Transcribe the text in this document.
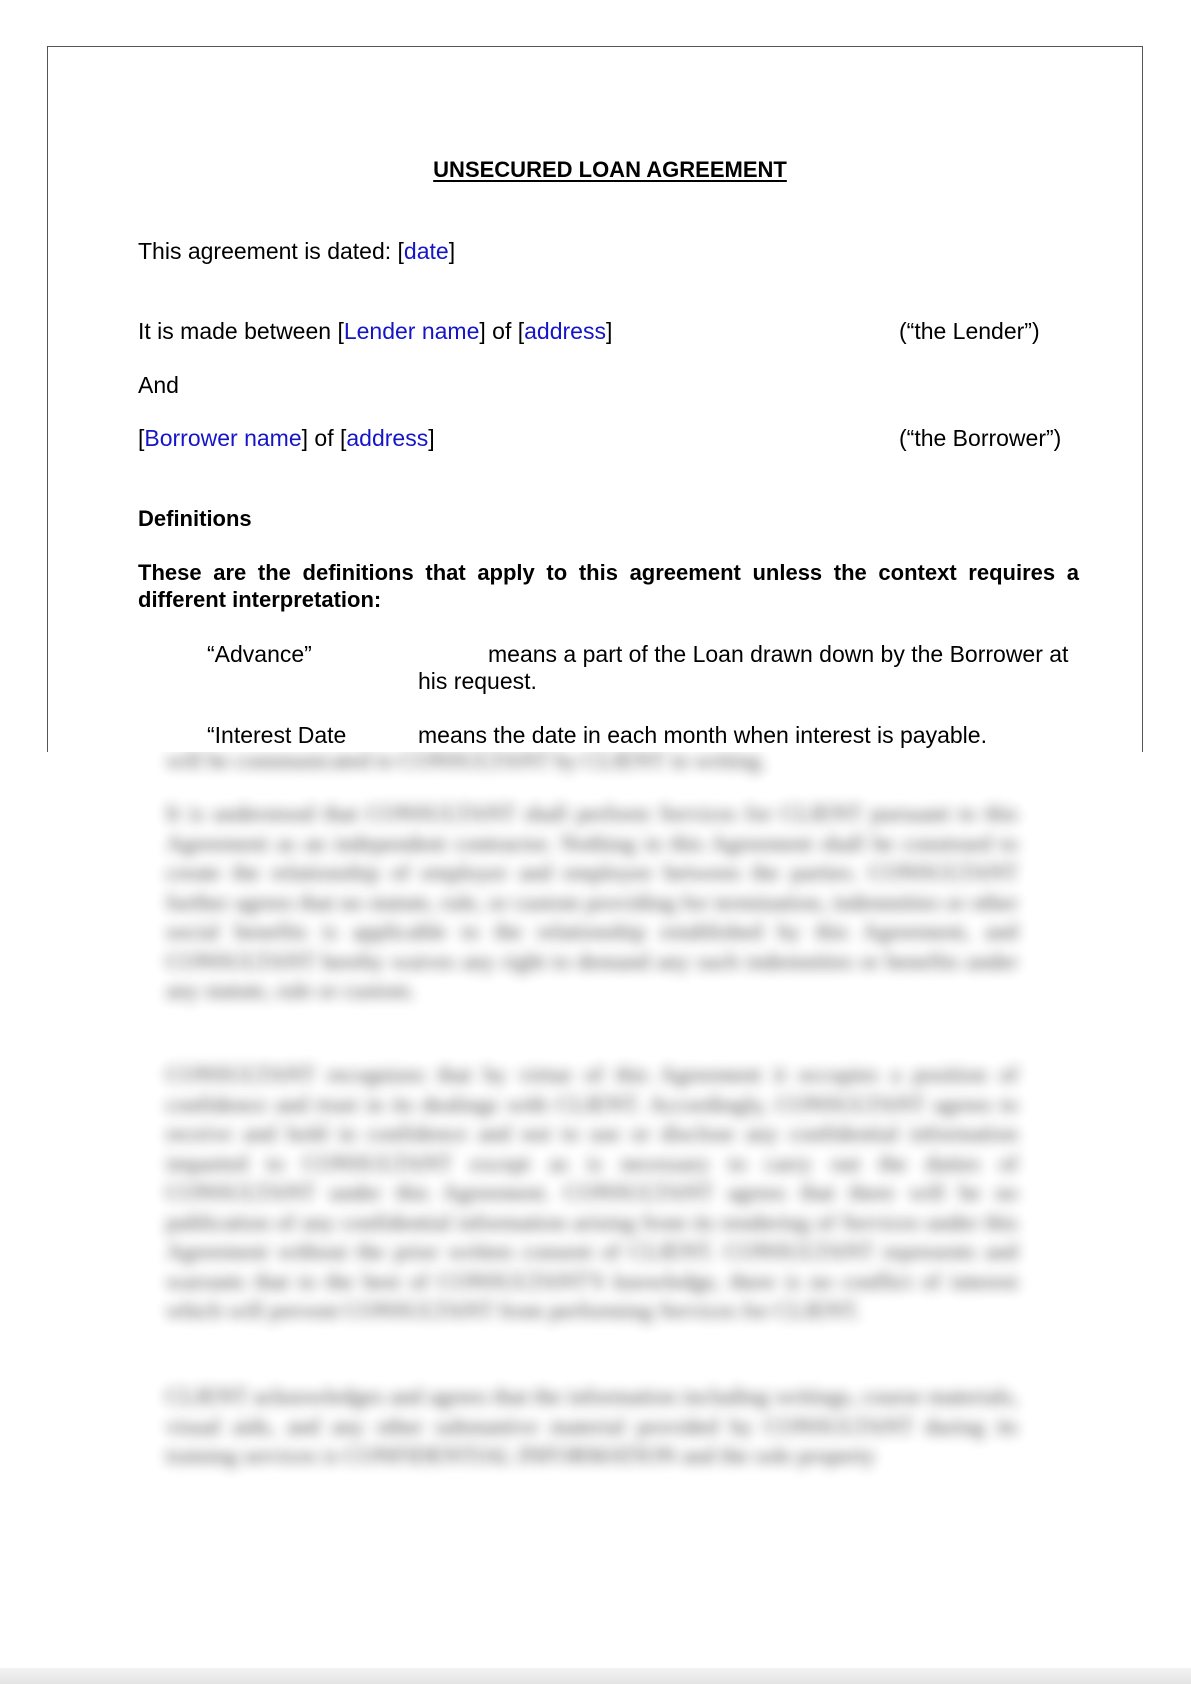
UNSECURED LOAN AGREEMENT
This agreement is dated: [date]
It is made between [Lender name] of [address]	(“the Lender”)
And
[Borrower name] of [address]	(“the Borrower”)
Definitions
These are the definitions that apply to this agreement unless the context requires a
different interpretation:
“Advance”	means a part of the Loan drawn down by the Borrower at
his request.
“Interest Date	means the date in each month when interest is payable.
will be communicated to CONSULTANT by CLIENT in writing.
It is understood that CONSULTANT shall perform Services for CLIENT pursuant to this Agreement as an independent contractor. Nothing in this Agreement shall be construed to create the relationship of employer and employee between the parties. CONSULTANT further agrees that no statute, rule, or custom providing for termination, indemnities or other social benefits is applicable to the relationship established by this Agreement, and CONSULTANT hereby waives any right to demand any such indemnities or benefits under any statute, rule or custom.
CONSULTANT recognizes that by virtue of this Agreement it occupies a position of confidence and trust in its dealings with CLIENT. Accordingly, CONSULTANT agrees to receive and hold in confidence and not to use or disclose any confidential information imparted to CONSULTANT except as is necessary to carry out the duties of CONSULTANT under this Agreement. CONSULTANT agrees that there will be no publication of any confidential information arising from its rendering of Services under this Agreement without the prior written consent of CLIENT. CONSULTANT represents and warrants that to the best of CONSULTANT'S knowledge, there is no conflict of interest which will prevent CONSULTANT from performing Services for CLIENT.
CLIENT acknowledges and agrees that the information including writings, course materials, visual aids, and any other substantive material provided by CONSULTANT during its training services is CONFIDENTIAL INFORMATION and the sole property
